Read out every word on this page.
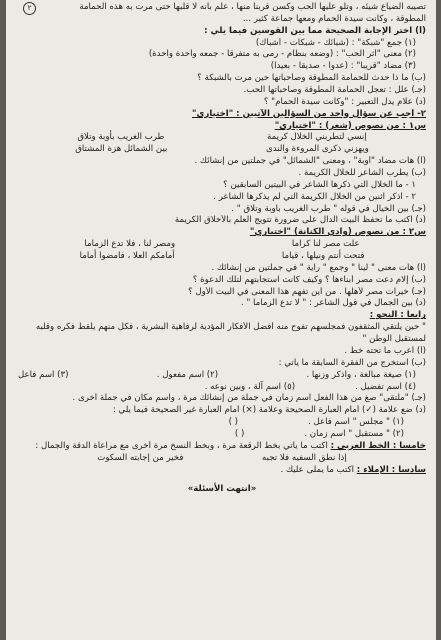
تصيبه الضياع شيئه ، وتلو عليها الحب وكسن قربنا منها ، علم بانه لا قلبها حتى مرت به هذه الحمامة
المطوقة ، وكانت سيدة الحمام ومعها جماعة كثير ...
٢
(أ) اختر الإجابة الصحيحة مما بين القوسين فيما يلي :
(١) جمع "شبكة" : (شبائك - شبكات - أشباك)
(٢) معنى "أثر الحب" : (وضعه بنظام - رمى به متفرقا - جمعه واحدة واحدة)
(٣) مضاد "قريبا" : (عدوا - صديقا - بعيدا)
(ب) ما ذا حدث للحمامة المطوقة وصاحباتها حين مرت بالشبكة ؟
(جـ) علل : تعجل الحمامة المطوقة وصاحباتها الحب.
(د) علام يدل التعبير : "وكانت سيدة الحمام" ؟
٢- أجب عن سؤال واحد من السؤالين الآتيين : "اختياري"
س١ : من نصوص (شعر) : "اختياري"
إنسي لتطربني الخلال كريمة
طرب الغريب بأوبة وتلاق
ويهزني ذكرى المروءة والندى
بين الشمائل هزة المشتاق
(أ) هات مضاد "أوبة" ، ومعنى "الشمائل" في جملتين من إنشائك .
(ب) يطرب الشاعر للخلال الكريمة .
١ - ما الخلال التي ذكرها الشاعر في البيتين السابقين ؟
٢ - اذكر اثنين من الخلال الكريمة التي لم يذكرها الشاعر .
(جـ) بين الخيال في قوله " طرب الغريب بأوبة وتلاق " .
(د) اكتب ما تحفظ البيت الدال على ضرورة تتويج العلم بالأخلاق الكريمة
س٢ : من نصوص (وادي الكنانة) "اختياري"
علت مصر لنا كراما
ومصر لنا ، فلا تدع الزماما
فتحت أنتم ونيلها ، قياما
أمامكم العلا ، فامضوا أماما
(أ) هات معنى " لينا " وجمع " راية " في جملتين من إنشائك .
(ب) إلام دعت مصر أبناءها ؟ وكيف كانت استجابتهم لتلك الدعوة ؟
(جـ) خيرات مصر لأهلها . من أين تفهم هذا المعنى في البيت الأول ؟
(د) بين الجمال في قول الشاعر : " لا تدع الزماما " .
رابعا : النحو :
" حين يلتقي المثقفون فمجلسهم تفوح منه أفضل الأفكار المؤدية لرفاهية البشرية ، فكل منهم يلقط فكره وقلبه
لمستقبل الوطن "
(أ) أعرب ما تحته خط .
(ب) استخرج من الفقرة السابقة ما يأتي :
(١) صيغة مبالغة ، واذكر وزنها .
(٢) اسم مفعول .
(٣) اسم فاعل
(٤) اسم تفضيل .
(٥) اسم آلة ، وبين نوعه .
(جـ) "ملتقى" صغ من هذا الفعل اسم زمان في جملة من إنشائك مرة ، واسم مكان في جملة أخرى .
(د) ضع علامة (✓) أمام العبارة الصحيحة وعلامة (×) أمام العبارة غير الصحيحة فيما يلي :
(١) " مجلس " اسم فاعل .
( )
(٢) " مستقبل " اسم زمان .
( )
خامسا : الخط العربي : اكتب ما يأتي بخط الرقعة مرة ، وبخط النسخ مرة أخرى مع مراعاة الدقة والجمال :
إذا نطق السفيه فلا تجبه
فخير من إجابته السكوت
سادسا : الإملاء : اكتب ما يملى عليك .
«انتهت الأسئلة»
